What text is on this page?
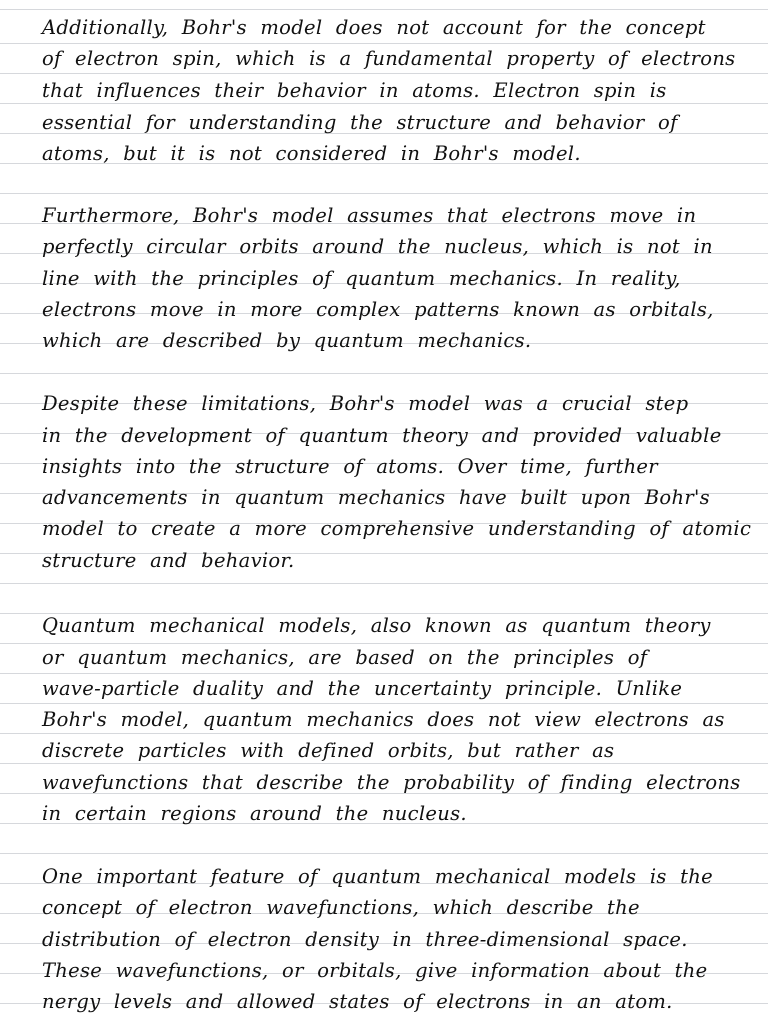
Additionally, Bohr's model does not account for the concept
of electron spin, which is a fundamental property of electrons
that influences their behavior in atoms. Electron spin is
essential for understanding the structure and behavior of
atoms, but it is not considered in Bohr's model.
Furthermore, Bohr's model assumes that electrons move in
perfectly circular orbits around the nucleus, which is not in
line with the principles of quantum mechanics. In reality,
electrons move in more complex patterns known as orbitals,
which are described by quantum mechanics.
Despite these limitations, Bohr's model was a crucial step
in the development of quantum theory and provided valuable
insights into the structure of atoms. Over time, further
advancements in quantum mechanics have built upon Bohr's
model to create a more comprehensive understanding of atomic
structure and behavior.
Quantum mechanical models, also known as quantum theory
or quantum mechanics, are based on the principles of
wave-particle duality and the uncertainty principle. Unlike
Bohr's model, quantum mechanics does not view electrons as
discrete particles with defined orbits, but rather as
wavefunctions that describe the probability of finding electrons
in certain regions around the nucleus.
One important feature of quantum mechanical models is the
concept of electron wavefunctions, which describe the
distribution of electron density in three-dimensional space.
These wavefunctions, or orbitals, give information about the
nergy levels and allowed states of electrons in an atom.
